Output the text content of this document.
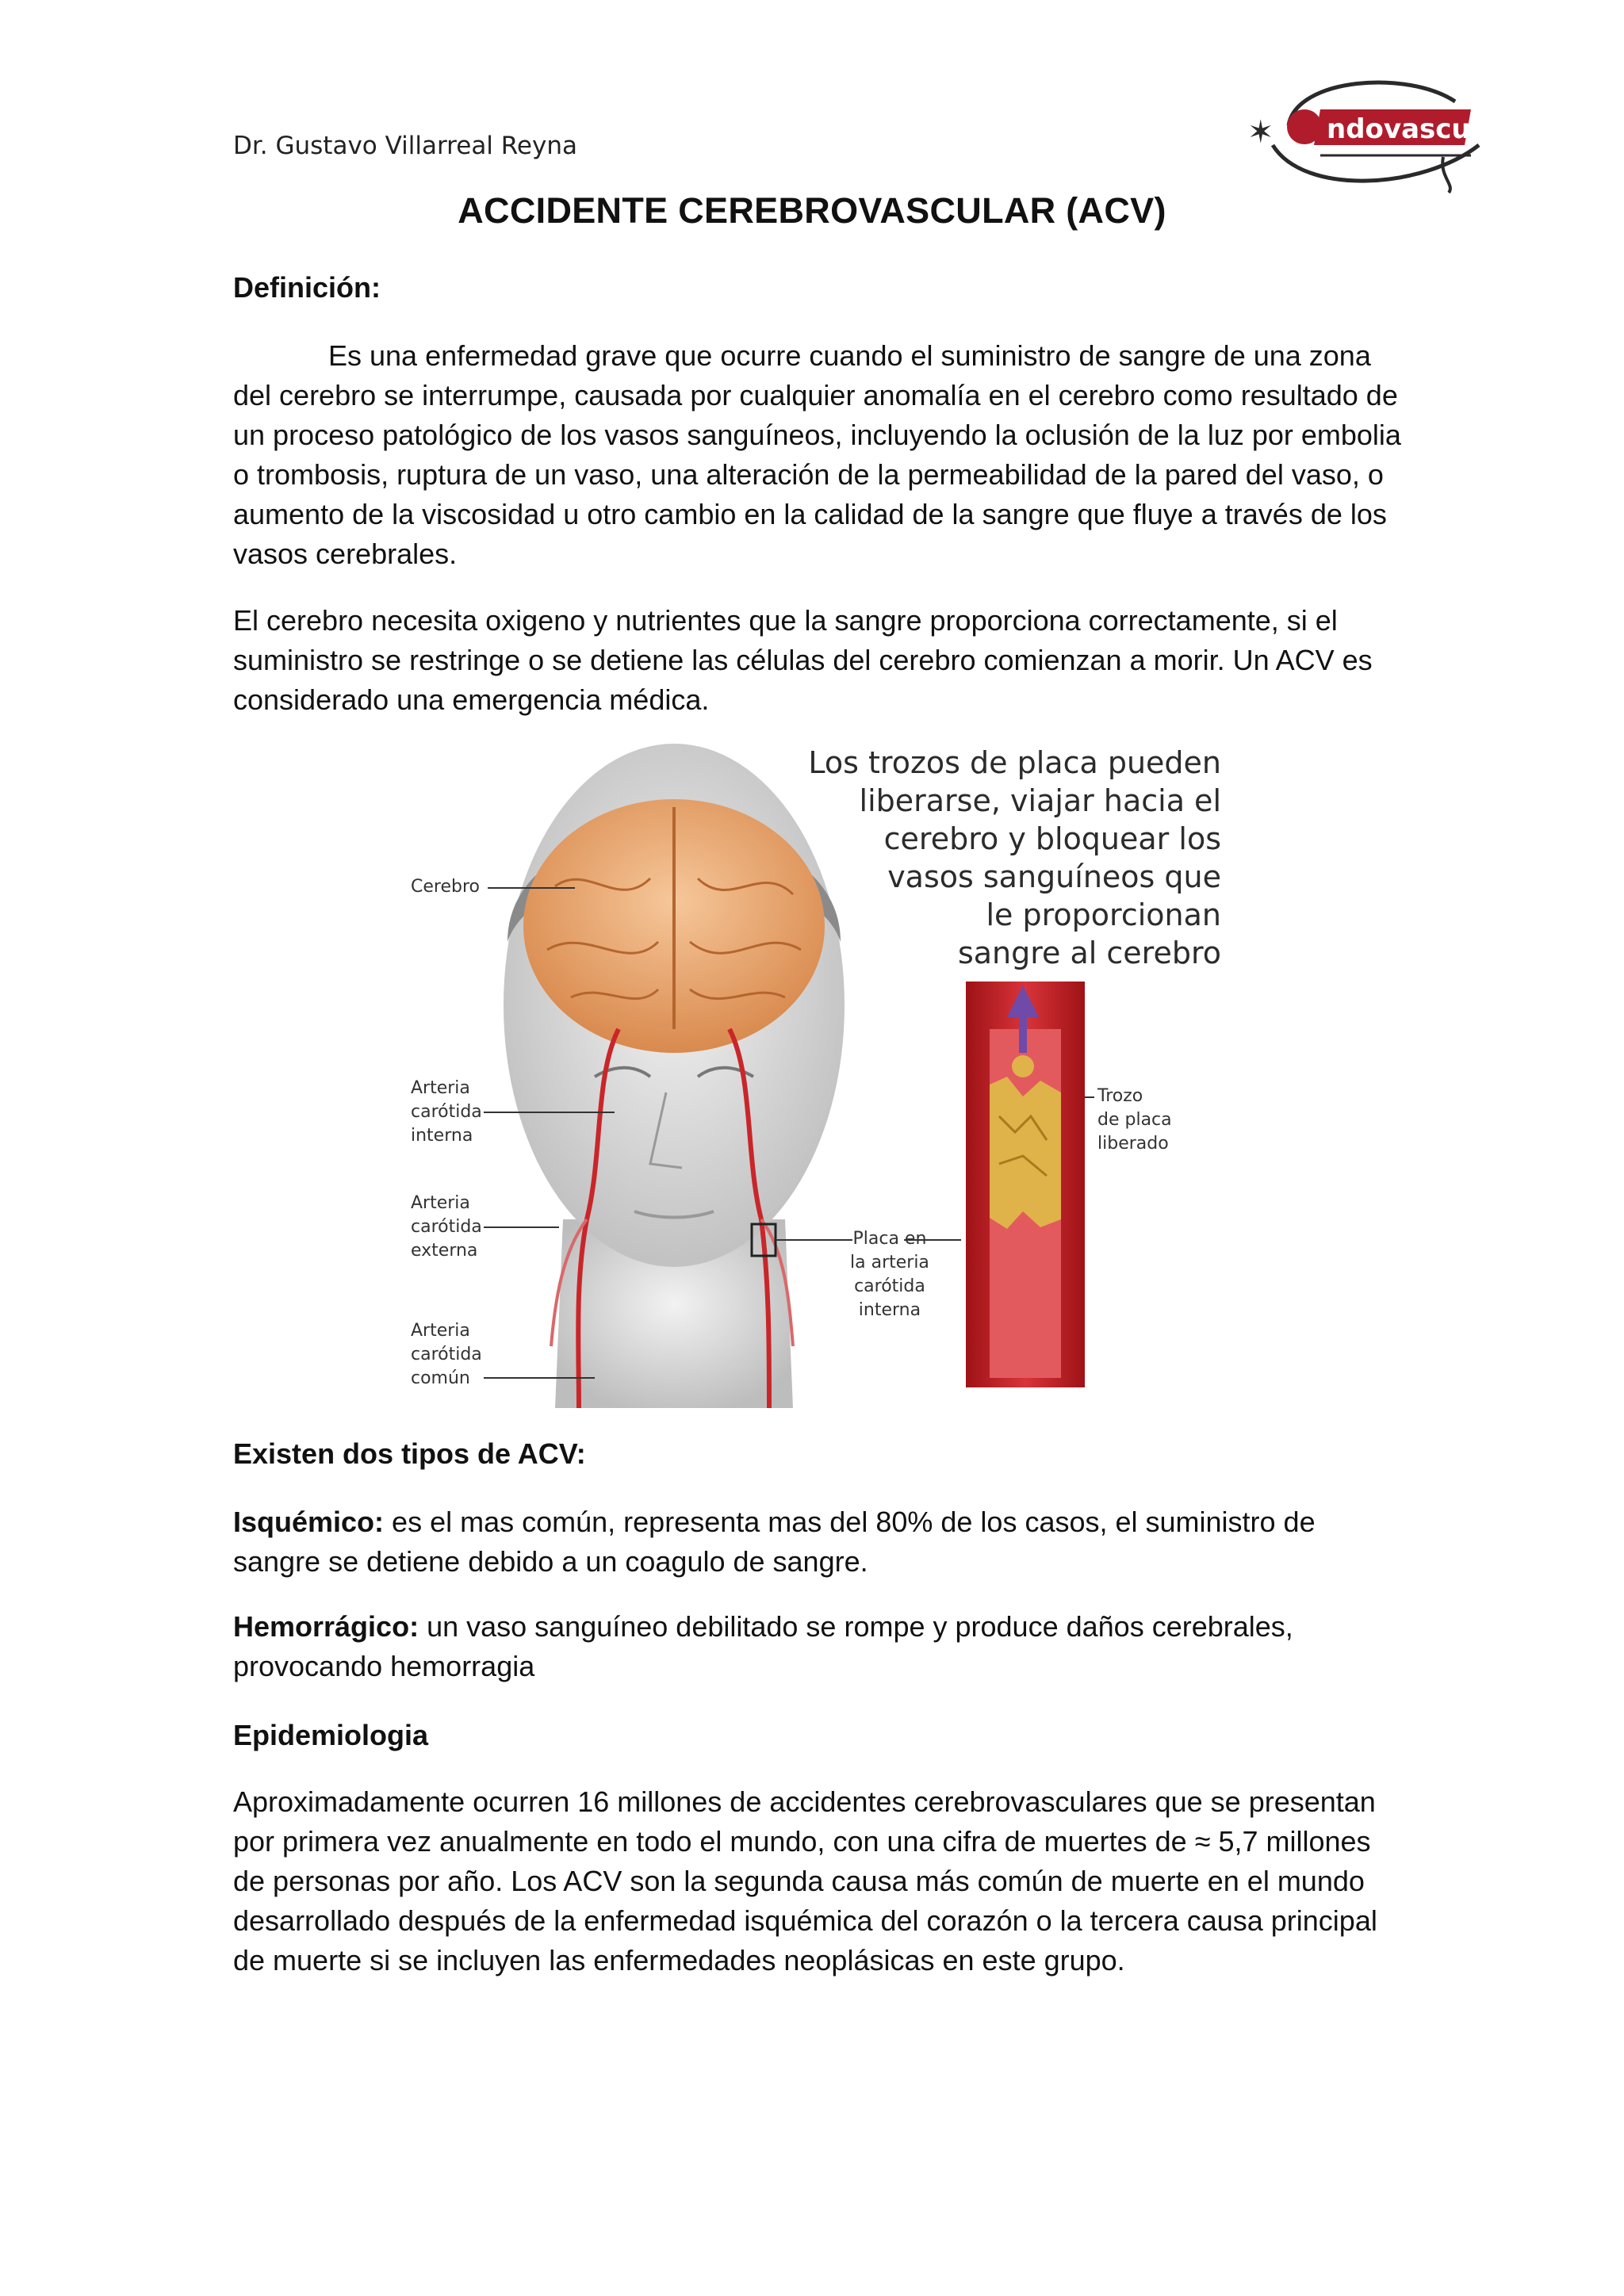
Dr. Gustavo Villarreal Reyna	✶ ndovascular
ACCIDENTE CEREBROVASCULAR (ACV)
Definición:

Es una enfermedad grave que ocurre cuando el suministro de sangre de una zona del cerebro se interrumpe, causada por cualquier anomalía en el cerebro como resultado de un proceso patológico de los vasos sanguíneos, incluyendo la oclusión de la luz por embolia o trombosis, ruptura de un vaso, una alteración de la permeabilidad de la pared del vaso, o aumento de la viscosidad u otro cambio en la calidad de la sangre que fluye a través de los vasos cerebrales.

El cerebro necesita oxigeno y nutrientes que la sangre proporciona correctamente, si el suministro se restringe o se detiene las células del cerebro comienzan a morir. Un ACV es considerado una emergencia médica.

Los trozos de placa pueden
liberarse, viajar hacia el
cerebro y bloquear los
vasos sanguíneos que
le proporcionan
sangre al cerebro
Cerebro
Arteria
carótida
interna
Arteria
carótida
externa
Arteria
carótida
común
Placa en
la arteria
carótida
interna
Trozo
de placa
liberado
Existen dos tipos de ACV:

Isquémico: es el mas común, representa mas del 80% de los casos, el suministro de sangre se detiene debido a un coagulo de sangre.

Hemorrágico: un vaso sanguíneo debilitado se rompe y produce daños cerebrales, provocando hemorragia

Epidemiologia

Aproximadamente ocurren 16 millones de accidentes cerebrovasculares que se presentan por primera vez anualmente en todo el mundo, con una cifra de muertes de ≈ 5,7 millones de personas por año. Los ACV son la segunda causa más común de muerte en el mundo desarrollado después de la enfermedad isquémica del corazón o la tercera causa principal de muerte si se incluyen las enfermedades neoplásicas en este grupo.
